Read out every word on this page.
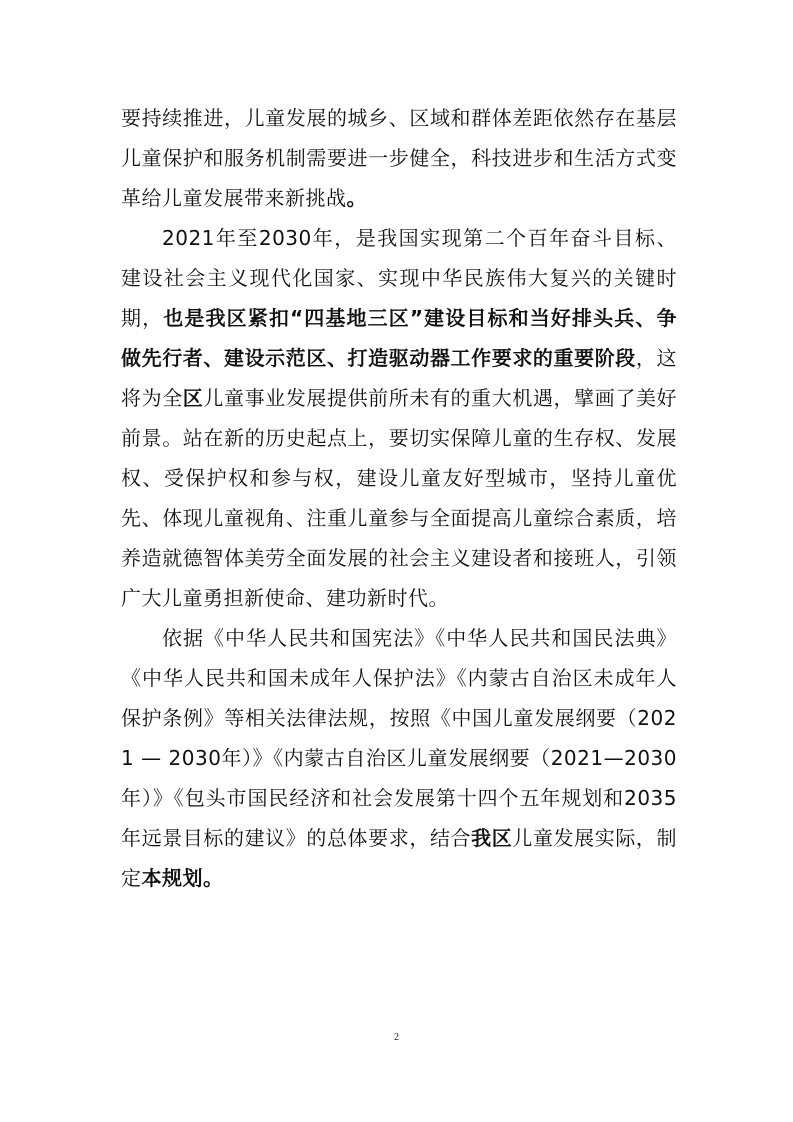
要持续推进，儿童发展的城乡、区域和群体差距依然存在基层儿童保护和服务机制需要进一步健全，科技进步和生活方式变革给儿童发展带来新挑战。

2021年至2030年，是我国实现第二个百年奋斗目标、建设社会主义现代化国家、实现中华民族伟大复兴的关键时期，也是我区紧扣“四基地三区”建设目标和当好排头兵、争做先行者、建设示范区、打造驱动器工作要求的重要阶段，这将为全区儿童事业发展提供前所未有的重大机遇，擘画了美好前景。站在新的历史起点上，要切实保障儿童的生存权、发展权、受保护权和参与权，建设儿童友好型城市，坚持儿童优先、体现儿童视角、注重儿童参与全面提高儿童综合素质，培养造就德智体美劳全面发展的社会主义建设者和接班人，引领广大儿童勇担新使命、建功新时代。

依据《中华人民共和国宪法》《中华人民共和国民法典》《中华人民共和国未成年人保护法》《内蒙古自治区未成年人保护条例》等相关法律法规，按照《中国儿童发展纲要（2021 — 2030年）》《内蒙古自治区儿童发展纲要（2021—2030年）》《包头市国民经济和社会发展第十四个五年规划和2035年远景目标的建议》的总体要求，结合我区儿童发展实际，制定本规划。

2
